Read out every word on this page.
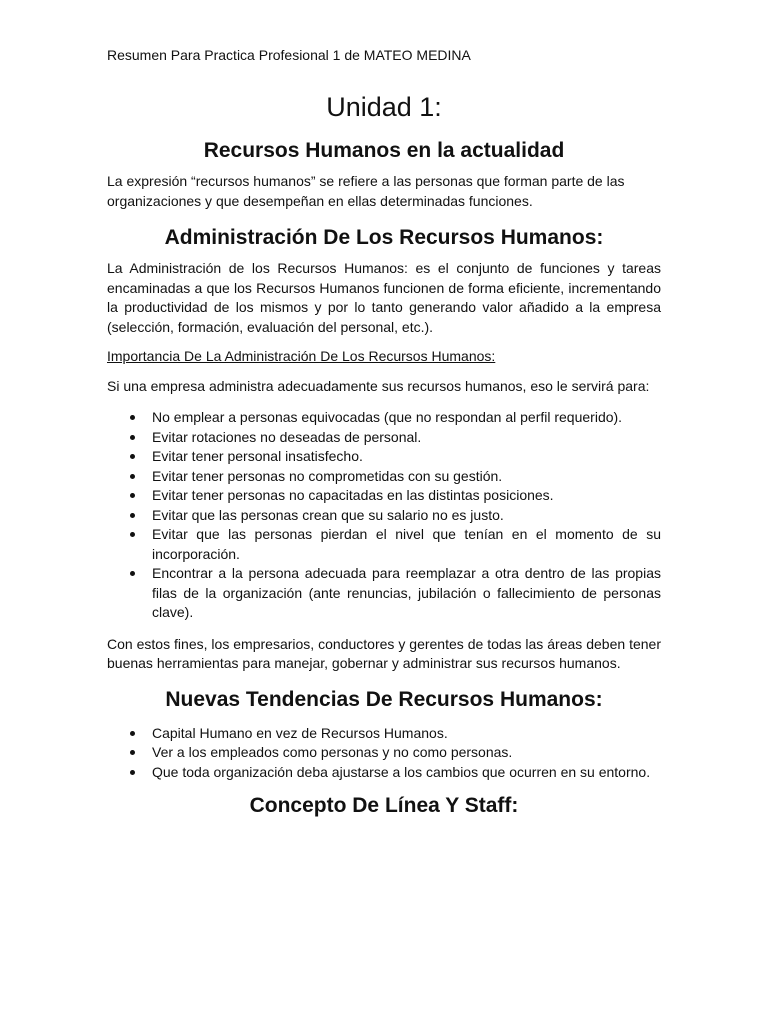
Resumen Para Practica Profesional 1 de MATEO MEDINA
Unidad 1:
Recursos Humanos en la actualidad

La expresión “recursos humanos” se refiere a las personas que forman parte de las organizaciones y que desempeñan en ellas determinadas funciones.

Administración De Los Recursos Humanos:

La Administración de los Recursos Humanos: es el conjunto de funciones y tareas encaminadas a que los Recursos Humanos funcionen de forma eficiente, incrementando la productividad de los mismos y por lo tanto generando valor añadido a la empresa (selección, formación, evaluación del personal, etc.).

Importancia De La Administración De Los Recursos Humanos:

Si una empresa administra adecuadamente sus recursos humanos, eso le servirá para:

No emplear a personas equivocadas (que no respondan al perfil requerido).
Evitar rotaciones no deseadas de personal.
Evitar tener personal insatisfecho.
Evitar tener personas no comprometidas con su gestión.
Evitar tener personas no capacitadas en las distintas posiciones.
Evitar que las personas crean que su salario no es justo.
Evitar que las personas pierdan el nivel que tenían en el momento de su incorporación.
Encontrar a la persona adecuada para reemplazar a otra dentro de las propias filas de la organización (ante renuncias, jubilación o fallecimiento de personas clave).

Con estos fines, los empresarios, conductores y gerentes de todas las áreas deben tener buenas herramientas para manejar, gobernar y administrar sus recursos humanos.

Nuevas Tendencias De Recursos Humanos:
Capital Humano en vez de Recursos Humanos.
Ver a los empleados como personas y no como personas.
Que toda organización deba ajustarse a los cambios que ocurren en su entorno.
Concepto De Línea Y Staff:
